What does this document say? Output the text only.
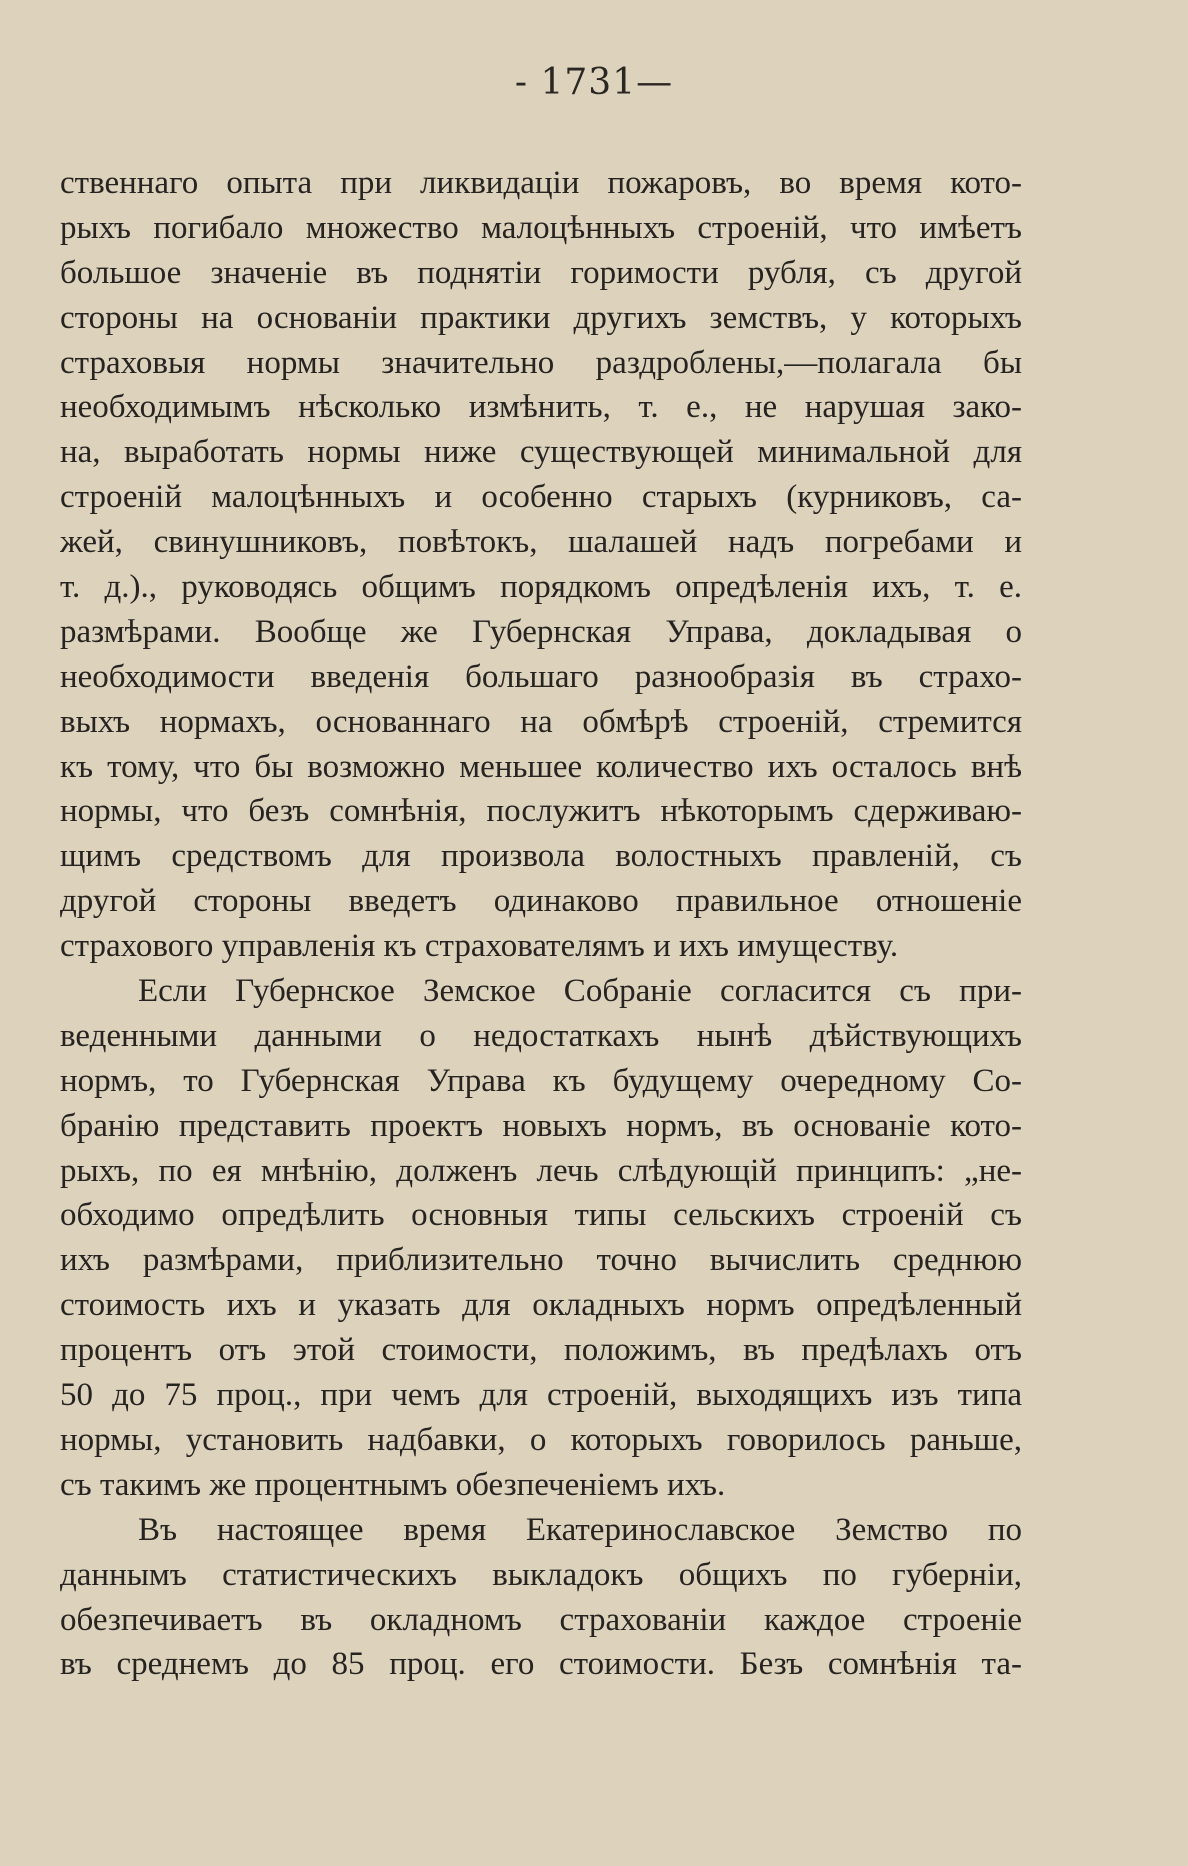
- 1731—
ственнаго опыта при ликвидаціи пожаровъ, во время кото-
рыхъ погибало множество малоцѣнныхъ строеній, что имѣетъ
большое значеніе въ поднятіи горимости рубля, съ другой
стороны на основаніи практики другихъ земствъ, у которыхъ
страховыя нормы значительно раздроблены,—полагала бы
необходимымъ нѣсколько измѣнить, т. е., не нарушая зако-
на, выработать нормы ниже существующей минимальной для
строеній малоцѣнныхъ и особенно старыхъ (курниковъ, са-
жей, свинушниковъ, повѣтокъ, шалашей надъ погребами и
т. д.)., руководясь общимъ порядкомъ опредѣленія ихъ, т. е.
размѣрами. Вообще же Губернская Управа, докладывая о
необходимости введенія большаго разнообразія въ страхо-
выхъ нормахъ, основаннаго на обмѣрѣ строеній, стремится
къ тому, что бы возможно меньшее количество ихъ осталось внѣ
нормы, что безъ сомнѣнія, послужитъ нѣкоторымъ сдерживаю-
щимъ средствомъ для произвола волостныхъ правленій, съ
другой стороны введетъ одинаково правильное отношеніе
страхового управленія къ страхователямъ и ихъ имуществу.
Если Губернское Земское Собраніе согласится съ при-
веденными данными о недостаткахъ нынѣ дѣйствующихъ
нормъ, то Губернская Управа къ будущему очередному Со-
бранію представить проектъ новыхъ нормъ, въ основаніе кото-
рыхъ, по ея мнѣнію, долженъ лечь слѣдующій принципъ: „не-
обходимо опредѣлить основныя типы сельскихъ строеній съ
ихъ размѣрами, приблизительно точно вычислить среднюю
стоимость ихъ и указать для окладныхъ нормъ опредѣленный
процентъ отъ этой стоимости, положимъ, въ предѣлахъ отъ
50 до 75 проц., при чемъ для строеній, выходящихъ изъ типа
нормы, установить надбавки, о которыхъ говорилось раньше,
съ такимъ же процентнымъ обезпеченіемъ ихъ.
Въ настоящее время Екатеринославское Земство по
даннымъ статистическихъ выкладокъ общихъ по губерніи,
обезпечиваетъ въ окладномъ страхованіи каждое строеніе
въ среднемъ до 85 проц. его стоимости. Безъ сомнѣнія та-
